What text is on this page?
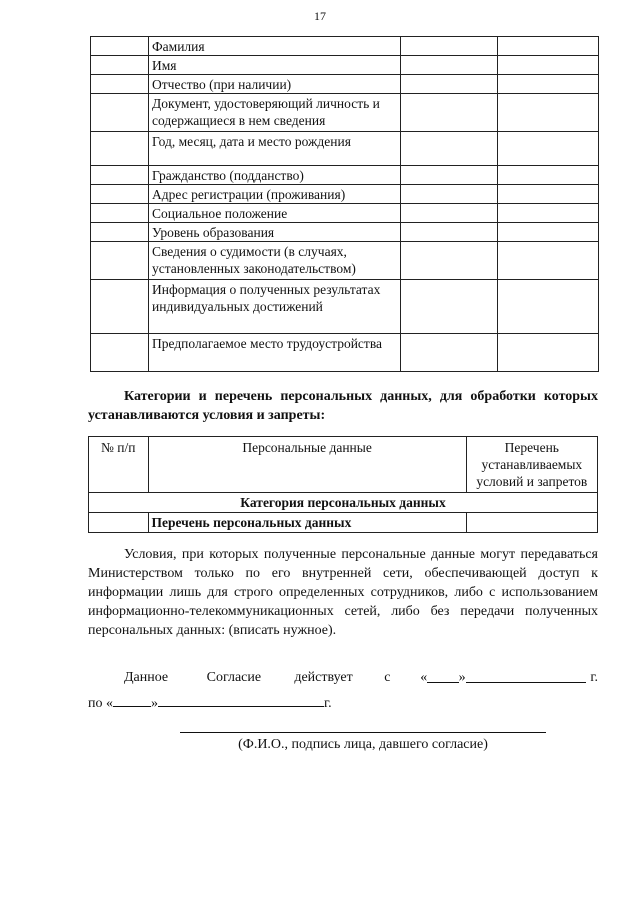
17
	Фамилия		
	Имя		
	Отчество (при наличии)		
	Документ, удостоверяющий личность и содержащиеся в нем сведения		
	Год, месяц, дата и место рождения		
	Гражданство (подданство)		
	Адрес регистрации (проживания)		
	Социальное положение		
	Уровень образования		
	Сведения о судимости (в случаях, установленных законодательством)		
	Информация о полученных результатах индивидуальных достижений		
	Предполагаемое место трудоустройства		
Категории и перечень персональных данных, для обработки которых устанавливаются условия и запреты:
№ п/п	Персональные данные	Перечень устанавливаемых условий и запретов
Категория персональных данных		
	Перечень персональных данных	

Условия, при которых полученные персональные данные могут передаваться Министерством только по его внутренней сети, обеспечивающей доступ к информации лишь для строго определенных сотрудников, либо с использованием информационно-телекоммуникационных сетей, либо без передачи полученных персональных данных: (вписать нужное).

Данное	Согласие действует с « »	г.
по «	»	г.
(Ф.И.О., подпись лица, давшего согласие)
